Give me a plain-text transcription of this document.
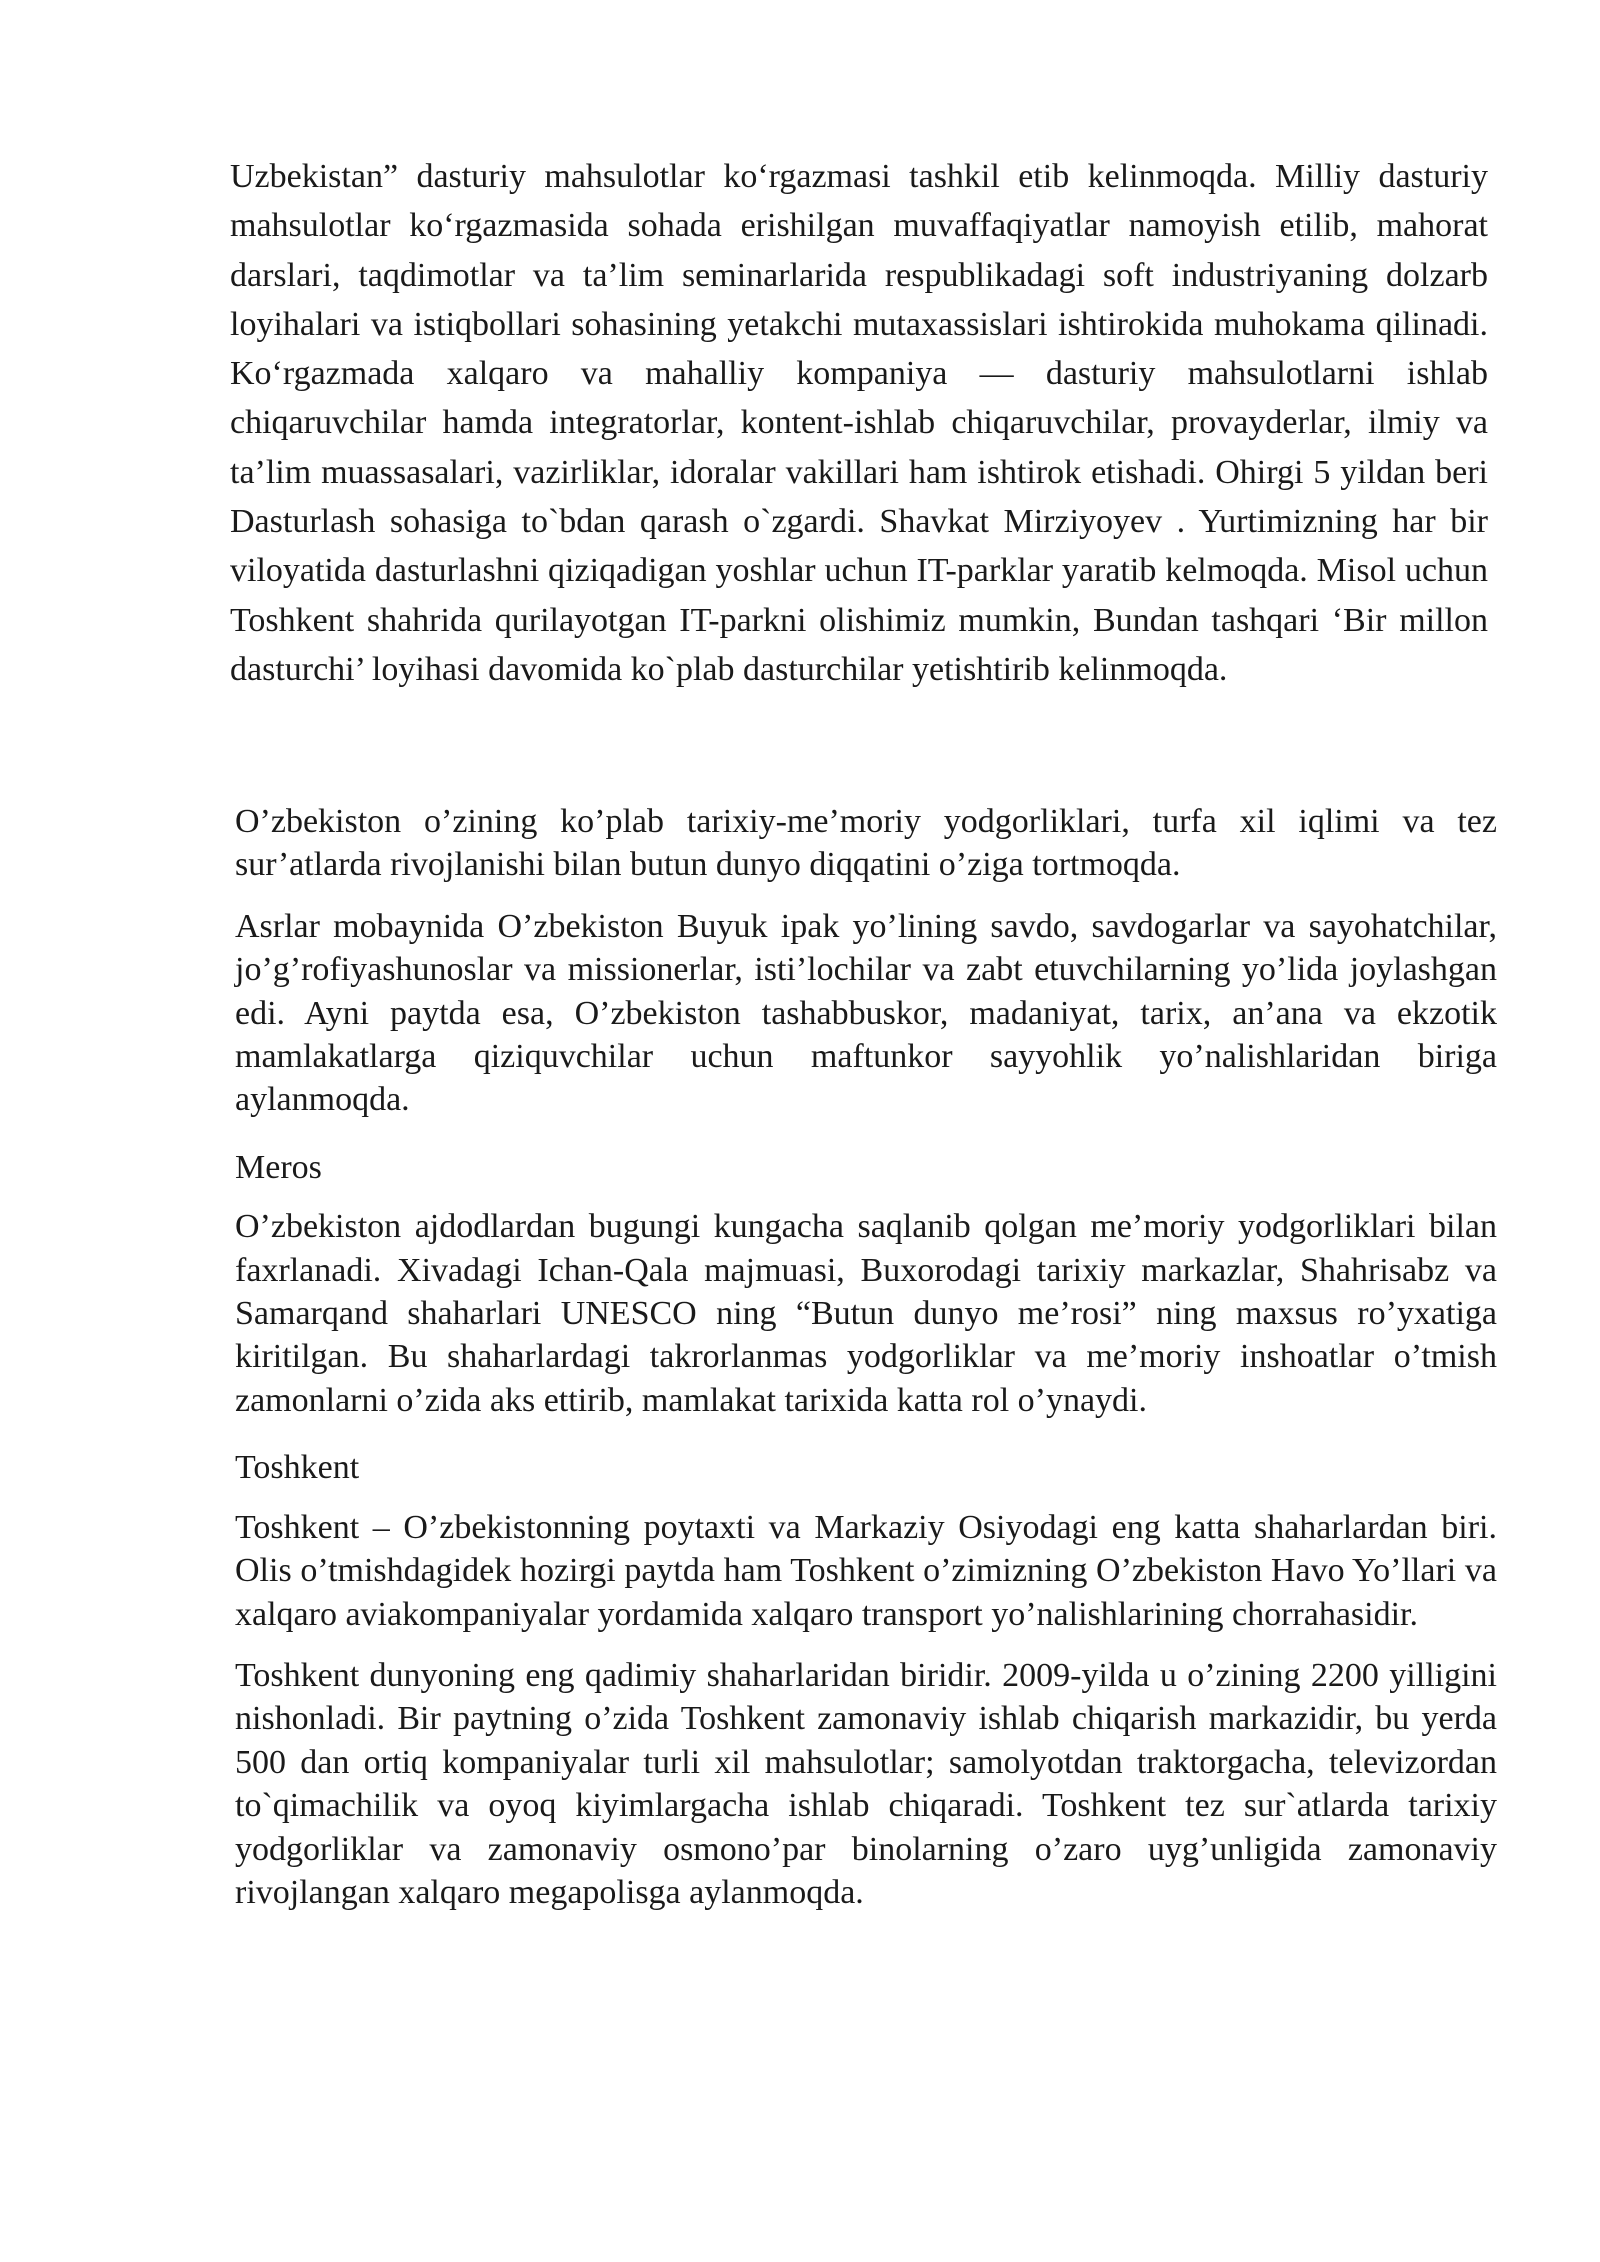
Uzbekistan” dasturiy mahsulotlar ko‘rgazmasi tashkil etib kelinmoqda. Milliy dasturiy mahsulotlar ko‘rgazmasida sohada erishilgan muvaffaqiyatlar namoyish etilib, mahorat darslari, taqdimotlar va ta’lim seminarlarida respublikadagi soft industriyaning dolzarb loyihalari va istiqbollari sohasining yetakchi mutaxassislari ishtirokida muhokama qilinadi. Ko‘rgazmada xalqaro va mahalliy kompaniya — dasturiy mahsulotlarni ishlab chiqaruvchilar hamda integratorlar, kontent-ishlab chiqaruvchilar, provayderlar, ilmiy va ta’lim muassasalari, vazirliklar, idoralar vakillari ham ishtirok etishadi. Ohirgi 5 yildan beri Dasturlash sohasiga to`bdan qarash o`zgardi. Shavkat Mirziyoyev . Yurtimizning har bir viloyatida dasturlashni qiziqadigan yoshlar uchun IT-parklar yaratib kelmoqda. Misol uchun Toshkent shahrida qurilayotgan IT-parkni olishimiz mumkin, Bundan tashqari ‘Bir millon dasturchi’ loyihasi davomida ko`plab dasturchilar yetishtirib kelinmoqda.

O’zbekiston o’zining ko’plab tarixiy-me’moriy yodgorliklari, turfa xil iqlimi va tez sur’atlarda rivojlanishi bilan butun dunyo diqqatini o’ziga tortmoqda.

Asrlar mobaynida O’zbekiston Buyuk ipak yo’lining savdo, savdogarlar va sayohatchilar, jo’g’rofiyashunoslar va missionerlar, isti’lochilar va zabt etuvchilarning yo’lida joylashgan edi. Ayni paytda esa, O’zbekiston tashabbuskor, madaniyat, tarix, an’ana va ekzotik mamlakatlarga qiziquvchilar uchun maftunkor sayyohlik yo’nalishlaridan biriga aylanmoqda.

Meros

O’zbekiston ajdodlardan bugungi kungacha saqlanib qolgan me’moriy yodgorliklari bilan faxrlanadi. Xivadagi Ichan-Qala majmuasi, Buxorodagi tarixiy markazlar, Shahrisabz va Samarqand shaharlari UNESCO ning “Butun dunyo me’rosi” ning maxsus ro’yxatiga kiritilgan. Bu shaharlardagi takrorlanmas yodgorliklar va me’moriy inshoatlar o’tmish zamonlarni o’zida aks ettirib, mamlakat tarixida katta rol o’ynaydi.

Toshkent

Toshkent – O’zbekistonning poytaxti va Markaziy Osiyodagi eng katta shaharlardan biri. Olis o’tmishdagidek hozirgi paytda ham Toshkent o’zimizning O’zbekiston Havo Yo’llari va xalqaro aviakompaniyalar yordamida xalqaro transport yo’nalishlarining chorrahasidir.

Toshkent dunyoning eng qadimiy shaharlaridan biridir. 2009-yilda u o’zining 2200 yilligini nishonladi. Bir paytning o’zida Toshkent zamonaviy ishlab chiqarish markazidir, bu yerda 500 dan ortiq kompaniyalar turli xil mahsulotlar; samolyotdan traktorgacha, televizordan to`qimachilik va oyoq kiyimlargacha ishlab chiqaradi. Toshkent tez sur`atlarda tarixiy yodgorliklar va zamonaviy osmono’par binolarning o’zaro uyg’unligida zamonaviy rivojlangan xalqaro megapolisga aylanmoqda.
